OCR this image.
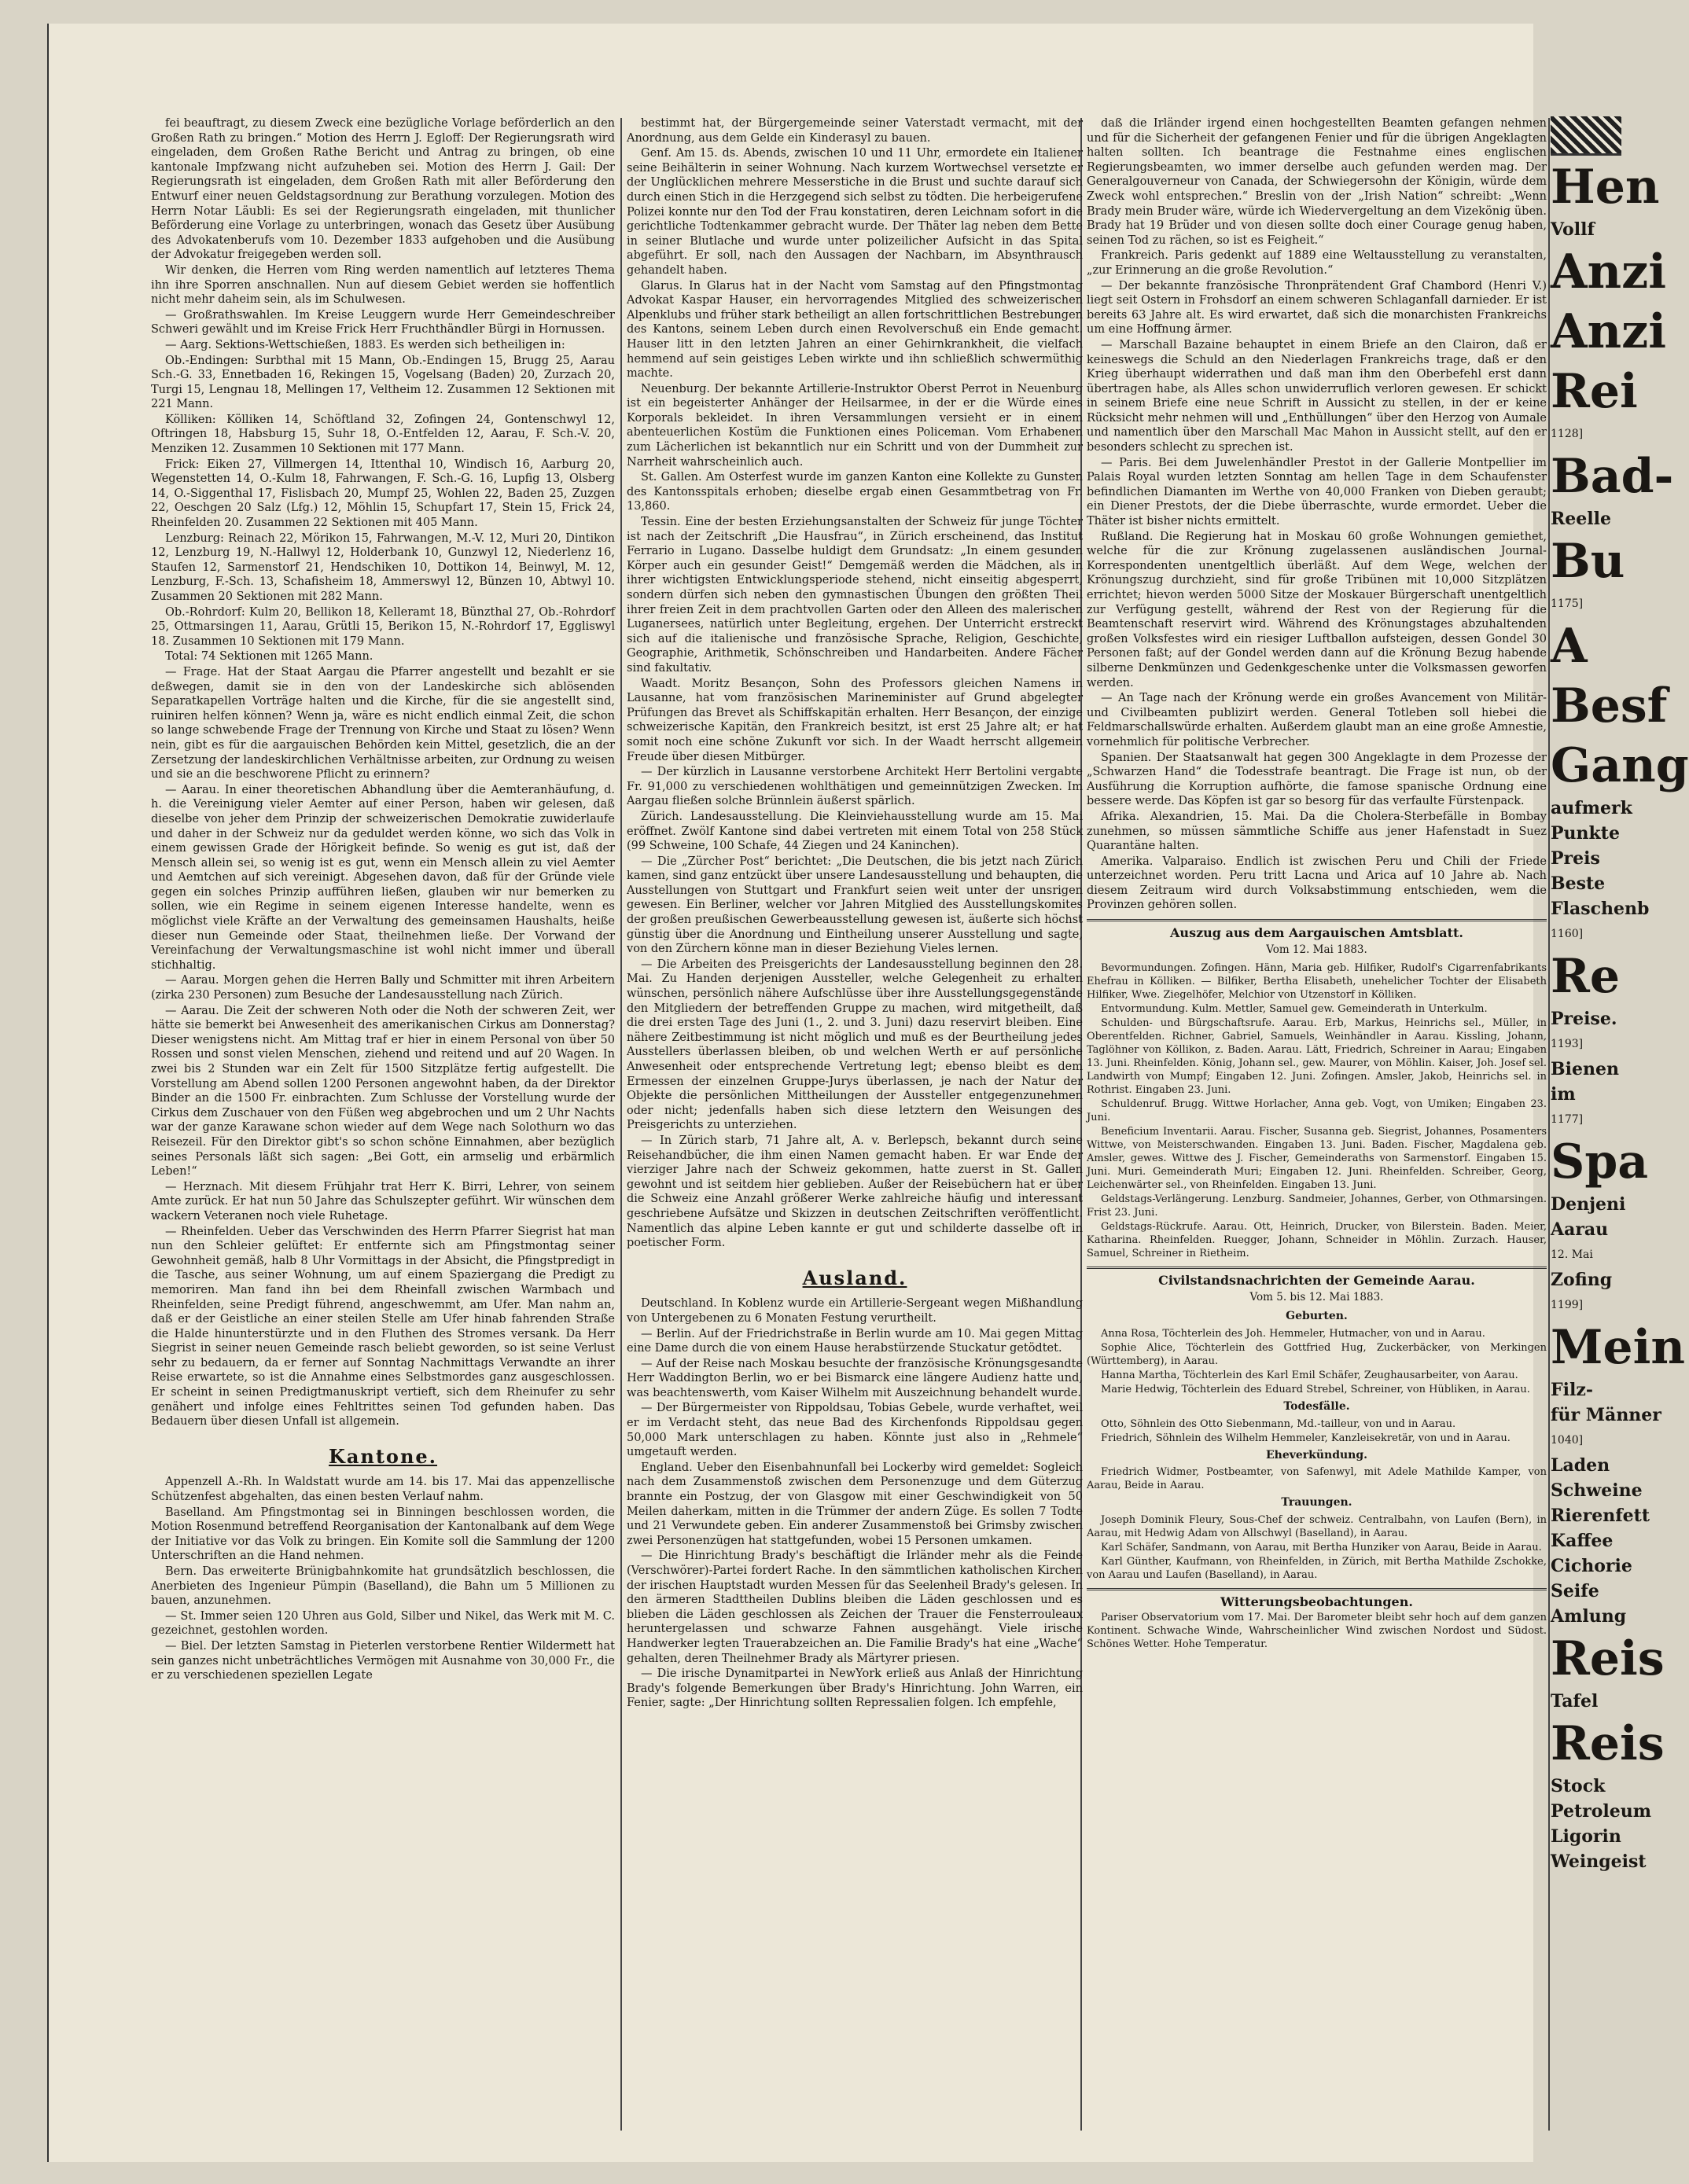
fei beauftragt, zu diesem Zweck eine bezügliche Vorlage beförderlich an den Großen Rath zu bringen.“ Motion des Herrn J. Egloff: Der Regierungsrath wird eingeladen, dem Großen Rathe Bericht und Antrag zu bringen, ob eine kantonale Impfzwang nicht aufzuheben sei. Motion des Herrn J. Gail: Der Regierungsrath ist eingeladen, dem Großen Rath mit aller Beförderung den Entwurf einer neuen Geldstagsordnung zur Berathung vorzulegen. Motion des Herrn Notar Läubli: Es sei der Regierungsrath eingeladen, mit thunlicher Beförderung eine Vorlage zu unterbringen, wonach das Gesetz über Ausübung des Advokatenberufs vom 10. Dezember 1833 aufgehoben und die Ausübung der Advokatur freigegeben werden soll.

Wir denken, die Herren vom Ring werden namentlich auf letzteres Thema ihn ihre Sporren anschnallen. Nun auf diesem Gebiet werden sie hoffentlich nicht mehr daheim sein, als im Schulwesen.

— Großrathswahlen. Im Kreise Leuggern wurde Herr Gemeindeschreiber Schweri gewählt und im Kreise Frick Herr Fruchthändler Bürgi in Hornussen.

— Aarg. Sektions-Wettschießen, 1883. Es werden sich betheiligen in:

Ob.-Endingen: Surbthal mit 15 Mann, Ob.-Endingen 15, Brugg 25, Aarau Sch.-G. 33, Ennetbaden 16, Rekingen 15, Vogelsang (Baden) 20, Zurzach 20, Turgi 15, Lengnau 18, Mellingen 17, Veltheim 12. Zusammen 12 Sektionen mit 221 Mann.

Kölliken: Kölliken 14, Schöftland 32, Zofingen 24, Gontenschwyl 12, Oftringen 18, Habsburg 15, Suhr 18, O.-Entfelden 12, Aarau, F. Sch.-V. 20, Menziken 12. Zusammen 10 Sektionen mit 177 Mann.

Frick: Eiken 27, Villmergen 14, Ittenthal 10, Windisch 16, Aarburg 20, Wegenstetten 14, O.-Kulm 18, Fahrwangen, F. Sch.-G. 16, Lupfig 13, Olsberg 14, O.-Siggenthal 17, Fislisbach 20, Mumpf 25, Wohlen 22, Baden 25, Zuzgen 22, Oeschgen 20 Salz (Lfg.) 12, Möhlin 15, Schupfart 17, Stein 15, Frick 24, Rheinfelden 20. Zusammen 22 Sektionen mit 405 Mann.

Lenzburg: Reinach 22, Mörikon 15, Fahrwangen, M.-V. 12, Muri 20, Dintikon 12, Lenzburg 19, N.-Hallwyl 12, Holderbank 10, Gunzwyl 12, Niederlenz 16, Staufen 12, Sarmenstorf 21, Hendschiken 10, Dottikon 14, Beinwyl, M. 12, Lenzburg, F.-Sch. 13, Schafisheim 18, Ammerswyl 12, Bünzen 10, Abtwyl 10. Zusammen 20 Sektionen mit 282 Mann.

Ob.-Rohrdorf: Kulm 20, Bellikon 18, Kelleramt 18, Bünzthal 27, Ob.-Rohrdorf 25, Ottmarsingen 11, Aarau, Grütli 15, Berikon 15, N.-Rohrdorf 17, Eggliswyl 18. Zusammen 10 Sektionen mit 179 Mann.

Total: 74 Sektionen mit 1265 Mann.

— Frage. Hat der Staat Aargau die Pfarrer angestellt und bezahlt er sie deßwegen, damit sie in den von der Landeskirche sich ablösenden Separatkapellen Vorträge halten und die Kirche, für die sie angestellt sind, ruiniren helfen können? Wenn ja, wäre es nicht endlich einmal Zeit, die schon so lange schwebende Frage der Trennung von Kirche und Staat zu lösen? Wenn nein, gibt es für die aargauischen Behörden kein Mittel, gesetzlich, die an der Zersetzung der landeskirchlichen Verhältnisse arbeiten, zur Ordnung zu weisen und sie an die beschworene Pflicht zu erinnern?

— Aarau. In einer theoretischen Abhandlung über die Aemteranhäufung, d. h. die Vereinigung vieler Aemter auf einer Person, haben wir gelesen, daß dieselbe von jeher dem Prinzip der schweizerischen Demokratie zuwiderlaufe und daher in der Schweiz nur da geduldet werden könne, wo sich das Volk in einem gewissen Grade der Hörigkeit befinde. So wenig es gut ist, daß der Mensch allein sei, so wenig ist es gut, wenn ein Mensch allein zu viel Aemter und Aemtchen auf sich vereinigt. Abgesehen davon, daß für der Gründe viele gegen ein solches Prinzip aufführen ließen, glauben wir nur bemerken zu sollen, wie ein Regime in seinem eigenen Interesse handelte, wenn es möglichst viele Kräfte an der Verwaltung des gemeinsamen Haushalts, heiße dieser nun Gemeinde oder Staat, theilnehmen ließe. Der Vorwand der Vereinfachung der Verwaltungsmaschine ist wohl nicht immer und überall stichhaltig.

— Aarau. Morgen gehen die Herren Bally und Schmitter mit ihren Arbeitern (zirka 230 Personen) zum Besuche der Landesausstellung nach Zürich.

— Aarau. Die Zeit der schweren Noth oder die Noth der schweren Zeit, wer hätte sie bemerkt bei Anwesenheit des amerikanischen Cirkus am Donnerstag? Dieser wenigstens nicht. Am Mittag traf er hier in einem Personal von über 50 Rossen und sonst vielen Menschen, ziehend und reitend und auf 20 Wagen. In zwei bis 2 Stunden war ein Zelt für 1500 Sitzplätze fertig aufgestellt. Die Vorstellung am Abend sollen 1200 Personen angewohnt haben, da der Direktor Binder an die 1500 Fr. einbrachten. Zum Schlusse der Vorstellung wurde der Cirkus dem Zuschauer von den Füßen weg abgebrochen und um 2 Uhr Nachts war der ganze Karawane schon wieder auf dem Wege nach Solothurn wo das Reisezeil. Für den Direktor gibt's so schon schöne Einnahmen, aber bezüglich seines Personals läßt sich sagen: „Bei Gott, ein armselig und erbärmlich Leben!“

— Herznach. Mit diesem Frühjahr trat Herr K. Birri, Lehrer, von seinem Amte zurück. Er hat nun 50 Jahre das Schulszepter geführt. Wir wünschen dem wackern Veteranen noch viele Ruhetage.

— Rheinfelden. Ueber das Verschwinden des Herrn Pfarrer Siegrist hat man nun den Schleier gelüftet: Er entfernte sich am Pfingstmontag seiner Gewohnheit gemäß, halb 8 Uhr Vormittags in der Absicht, die Pfingstpredigt in die Tasche, aus seiner Wohnung, um auf einem Spaziergang die Predigt zu memoriren. Man fand ihn bei dem Rheinfall zwischen Warmbach und Rheinfelden, seine Predigt führend, angeschwemmt, am Ufer. Man nahm an, daß er der Geistliche an einer steilen Stelle am Ufer hinab fahrenden Straße die Halde hinunterstürzte und in den Fluthen des Stromes versank. Da Herr Siegrist in seiner neuen Gemeinde rasch beliebt geworden, so ist seine Verlust sehr zu bedauern, da er ferner auf Sonntag Nachmittags Verwandte an ihrer Reise erwartete, so ist die Annahme eines Selbstmordes ganz ausgeschlossen. Er scheint in seinen Predigtmanuskript vertieft, sich dem Rheinufer zu sehr genähert und infolge eines Fehltrittes seinen Tod gefunden haben. Das Bedauern über diesen Unfall ist allgemein.

Kantone.

Appenzell A.-Rh. In Waldstatt wurde am 14. bis 17. Mai das appenzellische Schützenfest abgehalten, das einen besten Verlauf nahm.

Baselland. Am Pfingstmontag sei in Binningen beschlossen worden, die Motion Rosenmund betreffend Reorganisation der Kantonalbank auf dem Wege der Initiative vor das Volk zu bringen. Ein Komite soll die Sammlung der 1200 Unterschriften an die Hand nehmen.

Bern. Das erweiterte Brünigbahnkomite hat grundsätzlich beschlossen, die Anerbieten des Ingenieur Pümpin (Baselland), die Bahn um 5 Millionen zu bauen, anzunehmen.

— St. Immer seien 120 Uhren aus Gold, Silber und Nikel, das Werk mit M. C. gezeichnet, gestohlen worden.

— Biel. Der letzten Samstag in Pieterlen verstorbene Rentier Wildermett hat sein ganzes nicht unbeträchtliches Vermögen mit Ausnahme von 30,000 Fr., die er zu verschiedenen speziellen Legate

bestimmt hat, der Bürgergemeinde seiner Vaterstadt vermacht, mit der Anordnung, aus dem Gelde ein Kinderasyl zu bauen.

Genf. Am 15. ds. Abends, zwischen 10 und 11 Uhr, ermordete ein Italiener seine Beihälterin in seiner Wohnung. Nach kurzem Wortwechsel versetzte er der Unglücklichen mehrere Messerstiche in die Brust und suchte darauf sich durch einen Stich in die Herzgegend sich selbst zu tödten. Die herbeigerufene Polizei konnte nur den Tod der Frau konstatiren, deren Leichnam sofort in die gerichtliche Todtenkammer gebracht wurde. Der Thäter lag neben dem Bette in seiner Blutlache und wurde unter polizeilicher Aufsicht in das Spital abgeführt. Er soll, nach den Aussagen der Nachbarn, im Absynthrausch gehandelt haben.

Glarus. In Glarus hat in der Nacht vom Samstag auf den Pfingstmontag Advokat Kaspar Hauser, ein hervorragendes Mitglied des schweizerischen Alpenklubs und früher stark betheiligt an allen fortschrittlichen Bestrebungen des Kantons, seinem Leben durch einen Revolverschuß ein Ende gemacht. Hauser litt in den letzten Jahren an einer Gehirnkrankheit, die vielfach hemmend auf sein geistiges Leben wirkte und ihn schließlich schwermüthig machte.

Neuenburg. Der bekannte Artillerie-Instruktor Oberst Perrot in Neuenburg ist ein begeisterter Anhänger der Heilsarmee, in der er die Würde eines Korporals bekleidet. In ihren Versammlungen versieht er in einem abenteuerlichen Kostüm die Funktionen eines Policeman. Vom Erhabenen zum Lächerlichen ist bekanntlich nur ein Schritt und von der Dummheit zur Narrheit wahrscheinlich auch.

St. Gallen. Am Osterfest wurde im ganzen Kanton eine Kollekte zu Gunsten des Kantonsspitals erhoben; dieselbe ergab einen Gesammtbetrag von Fr. 13,860.

Tessin. Eine der besten Erziehungsanstalten der Schweiz für junge Töchter ist nach der Zeitschrift „Die Hausfrau“, in Zürich erscheinend, das Institut Ferrario in Lugano. Dasselbe huldigt dem Grundsatz: „In einem gesunden Körper auch ein gesunder Geist!“ Demgemäß werden die Mädchen, als in ihrer wichtigsten Entwicklungsperiode stehend, nicht einseitig abgesperrt, sondern dürfen sich neben den gymnastischen Übungen den größten Theil ihrer freien Zeit in dem prachtvollen Garten oder den Alleen des malerischen Luganersees, natürlich unter Begleitung, ergehen. Der Unterricht erstreckt sich auf die italienische und französische Sprache, Religion, Geschichte, Geographie, Arithmetik, Schönschreiben und Handarbeiten. Andere Fächer sind fakultativ.

Waadt. Moritz Besançon, Sohn des Professors gleichen Namens in Lausanne, hat vom französischen Marineminister auf Grund abgelegter Prüfungen das Brevet als Schiffskapitän erhalten. Herr Besançon, der einzige schweizerische Kapitän, den Frankreich besitzt, ist erst 25 Jahre alt; er hat somit noch eine schöne Zukunft vor sich. In der Waadt herrscht allgemein Freude über diesen Mitbürger.

— Der kürzlich in Lausanne verstorbene Architekt Herr Bertolini vergabte Fr. 91,000 zu verschiedenen wohlthätigen und gemeinnützigen Zwecken. Im Aargau fließen solche Brünnlein äußerst spärlich.

Zürich. Landesausstellung. Die Kleinviehausstellung wurde am 15. Mai eröffnet. Zwölf Kantone sind dabei vertreten mit einem Total von 258 Stück (99 Schweine, 100 Schafe, 44 Ziegen und 24 Kaninchen).

— Die „Zürcher Post“ berichtet: „Die Deutschen, die bis jetzt nach Zürich kamen, sind ganz entzückt über unsere Landesausstellung und behaupten, die Ausstellungen von Stuttgart und Frankfurt seien weit unter der unsrigen gewesen. Ein Berliner, welcher vor Jahren Mitglied des Ausstellungskomites der großen preußischen Gewerbeausstellung gewesen ist, äußerte sich höchst günstig über die Anordnung und Eintheilung unserer Ausstellung und sagte, von den Zürchern könne man in dieser Beziehung Vieles lernen.

— Die Arbeiten des Preisgerichts der Landesausstellung beginnen den 28. Mai. Zu Handen derjenigen Aussteller, welche Gelegenheit zu erhalten wünschen, persönlich nähere Aufschlüsse über ihre Ausstellungsgegenstände den Mitgliedern der betreffenden Gruppe zu machen, wird mitgetheilt, daß die drei ersten Tage des Juni (1., 2. und 3. Juni) dazu reservirt bleiben. Eine nähere Zeitbestimmung ist nicht möglich und muß es der Beurtheilung jedes Ausstellers überlassen bleiben, ob und welchen Werth er auf persönliche Anwesenheit oder entsprechende Vertretung legt; ebenso bleibt es dem Ermessen der einzelnen Gruppe-Jurys überlassen, je nach der Natur der Objekte die persönlichen Mittheilungen der Aussteller entgegenzunehmen oder nicht; jedenfalls haben sich diese letztern den Weisungen des Preisgerichts zu unterziehen.

— In Zürich starb, 71 Jahre alt, A. v. Berlepsch, bekannt durch seine Reisehandbücher, die ihm einen Namen gemacht haben. Er war Ende der vierziger Jahre nach der Schweiz gekommen, hatte zuerst in St. Gallen gewohnt und ist seitdem hier geblieben. Außer der Reisebüchern hat er über die Schweiz eine Anzahl größerer Werke zahlreiche häufig und interessant geschriebene Aufsätze und Skizzen in deutschen Zeitschriften veröffentlicht. Namentlich das alpine Leben kannte er gut und schilderte dasselbe oft in poetischer Form.

Ausland.

Deutschland. In Koblenz wurde ein Artillerie-Sergeant wegen Mißhandlung von Untergebenen zu 6 Monaten Festung verurtheilt.

— Berlin. Auf der Friedrichstraße in Berlin wurde am 10. Mai gegen Mittag eine Dame durch die von einem Hause herabstürzende Stuckatur getödtet.

— Auf der Reise nach Moskau besuchte der französische Krönungsgesandte Herr Waddington Berlin, wo er bei Bismarck eine längere Audienz hatte und, was beachtenswerth, vom Kaiser Wilhelm mit Auszeichnung behandelt wurde.

— Der Bürgermeister von Rippoldsau, Tobias Gebele, wurde verhaftet, weil er im Verdacht steht, das neue Bad des Kirchenfonds Rippoldsau gegen 50,000 Mark unterschlagen zu haben. Könnte just also in „Rehmele“ umgetauft werden.

England. Ueber den Eisenbahnunfall bei Lockerby wird gemeldet: Sogleich nach dem Zusammenstoß zwischen dem Personenzuge und dem Güterzug brannte ein Postzug, der von Glasgow mit einer Geschwindigkeit von 50 Meilen daherkam, mitten in die Trümmer der andern Züge. Es sollen 7 Todte und 21 Verwundete geben. Ein anderer Zusammenstoß bei Grimsby zwischen zwei Personenzügen hat stattgefunden, wobei 15 Personen umkamen.

— Die Hinrichtung Brady's beschäftigt die Irländer mehr als die Feinde (Verschwörer)-Partei fordert Rache. In den sämmtlichen katholischen Kirchen der irischen Hauptstadt wurden Messen für das Seelenheil Brady's gelesen. In den ärmeren Stadttheilen Dublins bleiben die Läden geschlossen und es blieben die Läden geschlossen als Zeichen der Trauer die Fensterrouleaux heruntergelassen und schwarze Fahnen ausgehängt. Viele irische Handwerker legten Trauerabzeichen an. Die Familie Brady's hat eine „Wache“ gehalten, deren Theilnehmer Brady als Märtyrer priesen.

— Die irische Dynamitpartei in NewYork erließ aus Anlaß der Hinrichtung Brady's folgende Bemerkungen über Brady's Hinrichtung. John Warren, ein Fenier, sagte: „Der Hinrichtung sollten Repressalien folgen. Ich empfehle,

daß die Irländer irgend einen hochgestellten Beamten gefangen nehmen und für die Sicherheit der gefangenen Fenier und für die übrigen Angeklagten halten sollten. Ich beantrage die Festnahme eines englischen Regierungsbeamten, wo immer derselbe auch gefunden werden mag. Der Generalgouverneur von Canada, der Schwiegersohn der Königin, würde dem Zweck wohl entsprechen.“ Breslin von der „Irish Nation“ schreibt: „Wenn Brady mein Bruder wäre, würde ich Wiedervergeltung an dem Vizekönig üben. Brady hat 19 Brüder und von diesen sollte doch einer Courage genug haben, seinen Tod zu rächen, so ist es Feigheit.“

Frankreich. Paris gedenkt auf 1889 eine Weltausstellung zu veranstalten, „zur Erinnerung an die große Revolution.“

— Der bekannte französische Thronprätendent Graf Chambord (Henri V.) liegt seit Ostern in Frohsdorf an einem schweren Schlaganfall darnieder. Er ist bereits 63 Jahre alt. Es wird erwartet, daß sich die monarchisten Frankreichs um eine Hoffnung ärmer.

— Marschall Bazaine behauptet in einem Briefe an den Clairon, daß er keineswegs die Schuld an den Niederlagen Frankreichs trage, daß er den Krieg überhaupt widerrathen und daß man ihm den Oberbefehl erst dann übertragen habe, als Alles schon unwiderruflich verloren gewesen. Er schickt in seinem Briefe eine neue Schrift in Aussicht zu stellen, in der er keine Rücksicht mehr nehmen will und „Enthüllungen“ über den Herzog von Aumale und namentlich über den Marschall Mac Mahon in Aussicht stellt, auf den er besonders schlecht zu sprechen ist.

— Paris. Bei dem Juwelenhändler Prestot in der Gallerie Montpellier im Palais Royal wurden letzten Sonntag am hellen Tage in dem Schaufenster befindlichen Diamanten im Werthe von 40,000 Franken von Dieben geraubt; ein Diener Prestots, der die Diebe überraschte, wurde ermordet. Ueber die Thäter ist bisher nichts ermittelt.

Rußland. Die Regierung hat in Moskau 60 große Wohnungen gemiethet, welche für die zur Krönung zugelassenen ausländischen Journal-Korrespondenten unentgeltlich überläßt. Auf dem Wege, welchen der Krönungszug durchzieht, sind für große Tribünen mit 10,000 Sitzplätzen errichtet; hievon werden 5000 Sitze der Moskauer Bürgerschaft unentgeltlich zur Verfügung gestellt, während der Rest von der Regierung für die Beamtenschaft reservirt wird. Während des Krönungstages abzuhaltenden großen Volksfestes wird ein riesiger Luftballon aufsteigen, dessen Gondel 30 Personen faßt; auf der Gondel werden dann auf die Krönung Bezug habende silberne Denkmünzen und Gedenkgeschenke unter die Volksmassen geworfen werden.

— An Tage nach der Krönung werde ein großes Avancement von Militär- und Civilbeamten publizirt werden. General Totleben soll hiebei die Feldmarschallswürde erhalten. Außerdem glaubt man an eine große Amnestie, vornehmlich für politische Verbrecher.

Spanien. Der Staatsanwalt hat gegen 300 Angeklagte in dem Prozesse der „Schwarzen Hand“ die Todesstrafe beantragt. Die Frage ist nun, ob der Ausführung die Korruption aufhörte, die famose spanische Ordnung eine bessere werde. Das Köpfen ist gar so besorg für das verfaulte Fürstenpack.

Afrika. Alexandrien, 15. Mai. Da die Cholera-Sterbefälle in Bombay zunehmen, so müssen sämmtliche Schiffe aus jener Hafenstadt in Suez Quarantäne halten.

Amerika. Valparaiso. Endlich ist zwischen Peru und Chili der Friede unterzeichnet worden. Peru tritt Lacna und Arica auf 10 Jahre ab. Nach diesem Zeitraum wird durch Volksabstimmung entschieden, wem die Provinzen gehören sollen.

Auszug aus dem Aargauischen Amtsblatt.
Vom 12. Mai 1883.

Bevormundungen. Zofingen. Hänn, Maria geb. Hilfiker, Rudolf's Cigarrenfabrikants Ehefrau in Kölliken. — Bilfiker, Bertha Elisabeth, unehelicher Tochter der Elisabeth Hilfiker, Wwe. Ziegelhöfer, Melchior von Utzenstorf in Kölliken.

Entvormundung. Kulm. Mettler, Samuel gew. Gemeinderath in Unterkulm.

Schulden- und Bürgschaftsrufe. Aarau. Erb, Markus, Heinrichs sel., Müller, in Oberentfelden. Richner, Gabriel, Samuels, Weinhändler in Aarau. Kissling, Johann, Taglöhner von Köllikon, z. Baden. Aarau. Lätt, Friedrich, Schreiner in Aarau; Eingaben 13. Juni. Rheinfelden. König, Johann sel., gew. Maurer, von Möhlin. Kaiser, Joh. Josef sel. Landwirth von Mumpf; Eingaben 12. Juni. Zofingen. Amsler, Jakob, Heinrichs sel. in Rothrist. Eingaben 23. Juni.

Schuldenruf. Brugg. Wittwe Horlacher, Anna geb. Vogt, von Umiken; Eingaben 23. Juni.

Beneficium Inventarii. Aarau. Fischer, Susanna geb. Siegrist, Johannes, Posamenters Wittwe, von Meisterschwanden. Eingaben 13. Juni. Baden. Fischer, Magdalena geb. Amsler, gewes. Wittwe des J. Fischer, Gemeinderaths von Sarmenstorf. Eingaben 15. Juni. Muri. Gemeinderath Muri; Eingaben 12. Juni. Rheinfelden. Schreiber, Georg, Leichenwärter sel., von Rheinfelden. Eingaben 13. Juni.

Geldstags-Verlängerung. Lenzburg. Sandmeier, Johannes, Gerber, von Othmarsingen. Frist 23. Juni.

Geldstags-Rückrufe. Aarau. Ott, Heinrich, Drucker, von Bilerstein. Baden. Meier, Katharina. Rheinfelden. Ruegger, Johann, Schneider in Möhlin. Zurzach. Hauser, Samuel, Schreiner in Rietheim.

Civilstandsnachrichten der Gemeinde Aarau.
Vom 5. bis 12. Mai 1883.
Geburten.

Anna Rosa, Töchterlein des Joh. Hemmeler, Hutmacher, von und in Aarau.

Sophie Alice, Töchterlein des Gottfried Hug, Zuckerbäcker, von Merkingen (Württemberg), in Aarau.

Hanna Martha, Töchterlein des Karl Emil Schäfer, Zeughausarbeiter, von Aarau.

Marie Hedwig, Töchterlein des Eduard Strebel, Schreiner, von Hübliken, in Aarau.

Todesfälle.

Otto, Söhnlein des Otto Siebenmann, Md.-tailleur, von und in Aarau.

Friedrich, Söhnlein des Wilhelm Hemmeler, Kanzleisekretär, von und in Aarau.

Eheverkündung.

Friedrich Widmer, Postbeamter, von Safenwyl, mit Adele Mathilde Kamper, von Aarau, Beide in Aarau.

Trauungen.

Joseph Dominik Fleury, Sous-Chef der schweiz. Centralbahn, von Laufen (Bern), in Aarau, mit Hedwig Adam von Allschwyl (Baselland), in Aarau.

Karl Schäfer, Sandmann, von Aarau, mit Bertha Hunziker von Aarau, Beide in Aarau.

Karl Günther, Kaufmann, von Rheinfelden, in Zürich, mit Bertha Mathilde Zschokke, von Aarau und Laufen (Baselland), in Aarau.

Witterungsbeobachtungen.

Pariser Observatorium vom 17. Mai. Der Barometer bleibt sehr hoch auf dem ganzen Kontinent. Schwache Winde, Wahrscheinlicher Wind zwischen Nordost und Südost. Schönes Wetter. Hohe Temperatur.

Hen
Vollf
Anzi
Anzi
Rei
1128]
Bad-
Reelle
Bu
1175]
A
Besf
Gang
aufmerk
Punkte
Preis
Beste
Flaschenb
1160]
Re
Preise.
1193]
Bienen
im
1177]
Spa
Denjeni
Aarau
12. Mai
Zofing
1199]
Mein
Filz-
für Männer
1040]
Laden
Schweine
Rierenfett
Kaffee
Cichorie
Seife
Amlung
Reis
Tafel
Reis
Stock
Petroleum
Ligorin
Weingeist
